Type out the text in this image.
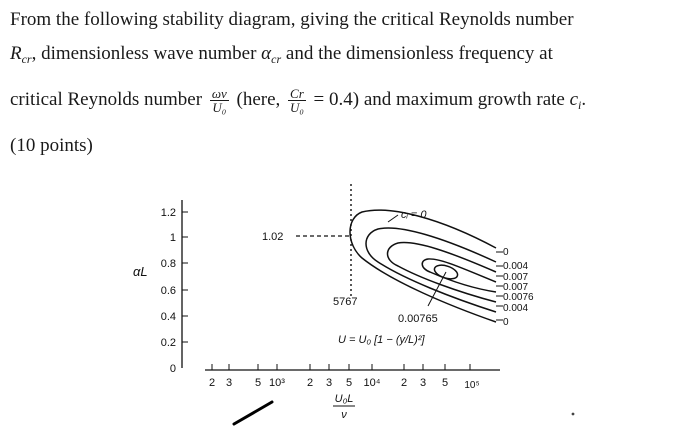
From the following stability diagram, giving the critical Reynolds number
$R_{cr}$, dimensionless wave number $\alpha_{cr}$ and the dimensionless frequency at
critical Reynolds number $\frac{\omega\nu}{\text{U₀}}$ (here, $\frac{Cr}{\text{U₀}} = 0.4$) and maximum growth rate $c_i$.
(10 points)
1.2
1
0.8
0.6
0.4
0.2
0
αL
2 3 5 10³ 2 3 5 10⁴ 2 3 5 10⁵
U₀L
ν
1.02
cᵢ = 0
0
0.004
0.007
0.007
0.0076
0.004
0
5767
0.00765
U = U₀ [1 − (y/L)²]
